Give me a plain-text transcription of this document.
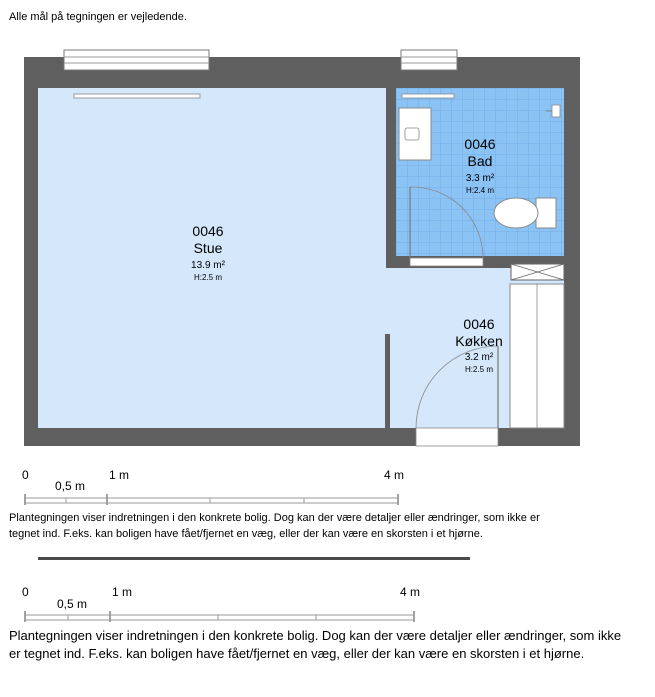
Alle mål på tegningen er vejledende.
0046
Stue
13.9 m²
H:2.5 m
0046
Bad
3.3 m²
H:2.4 m
0046
Køkken
3.2 m²
H:2.5 m
0
0,5 m
1 m	4 m
0
0,5 m
1 m	4 m
Plantegningen viser indretningen i den konkrete bolig. Dog kan der være detaljer eller ændringer, som ikke er tegnet ind. F.eks. kan boligen have fået/fjernet en væg, eller der kan være en skorsten i et hjørne.
Plantegningen viser indretningen i den konkrete bolig. Dog kan der være detaljer eller ændringer, som ikke er tegnet ind. F.eks. kan boligen have fået/fjernet en væg, eller der kan være en skorsten i et hjørne.
